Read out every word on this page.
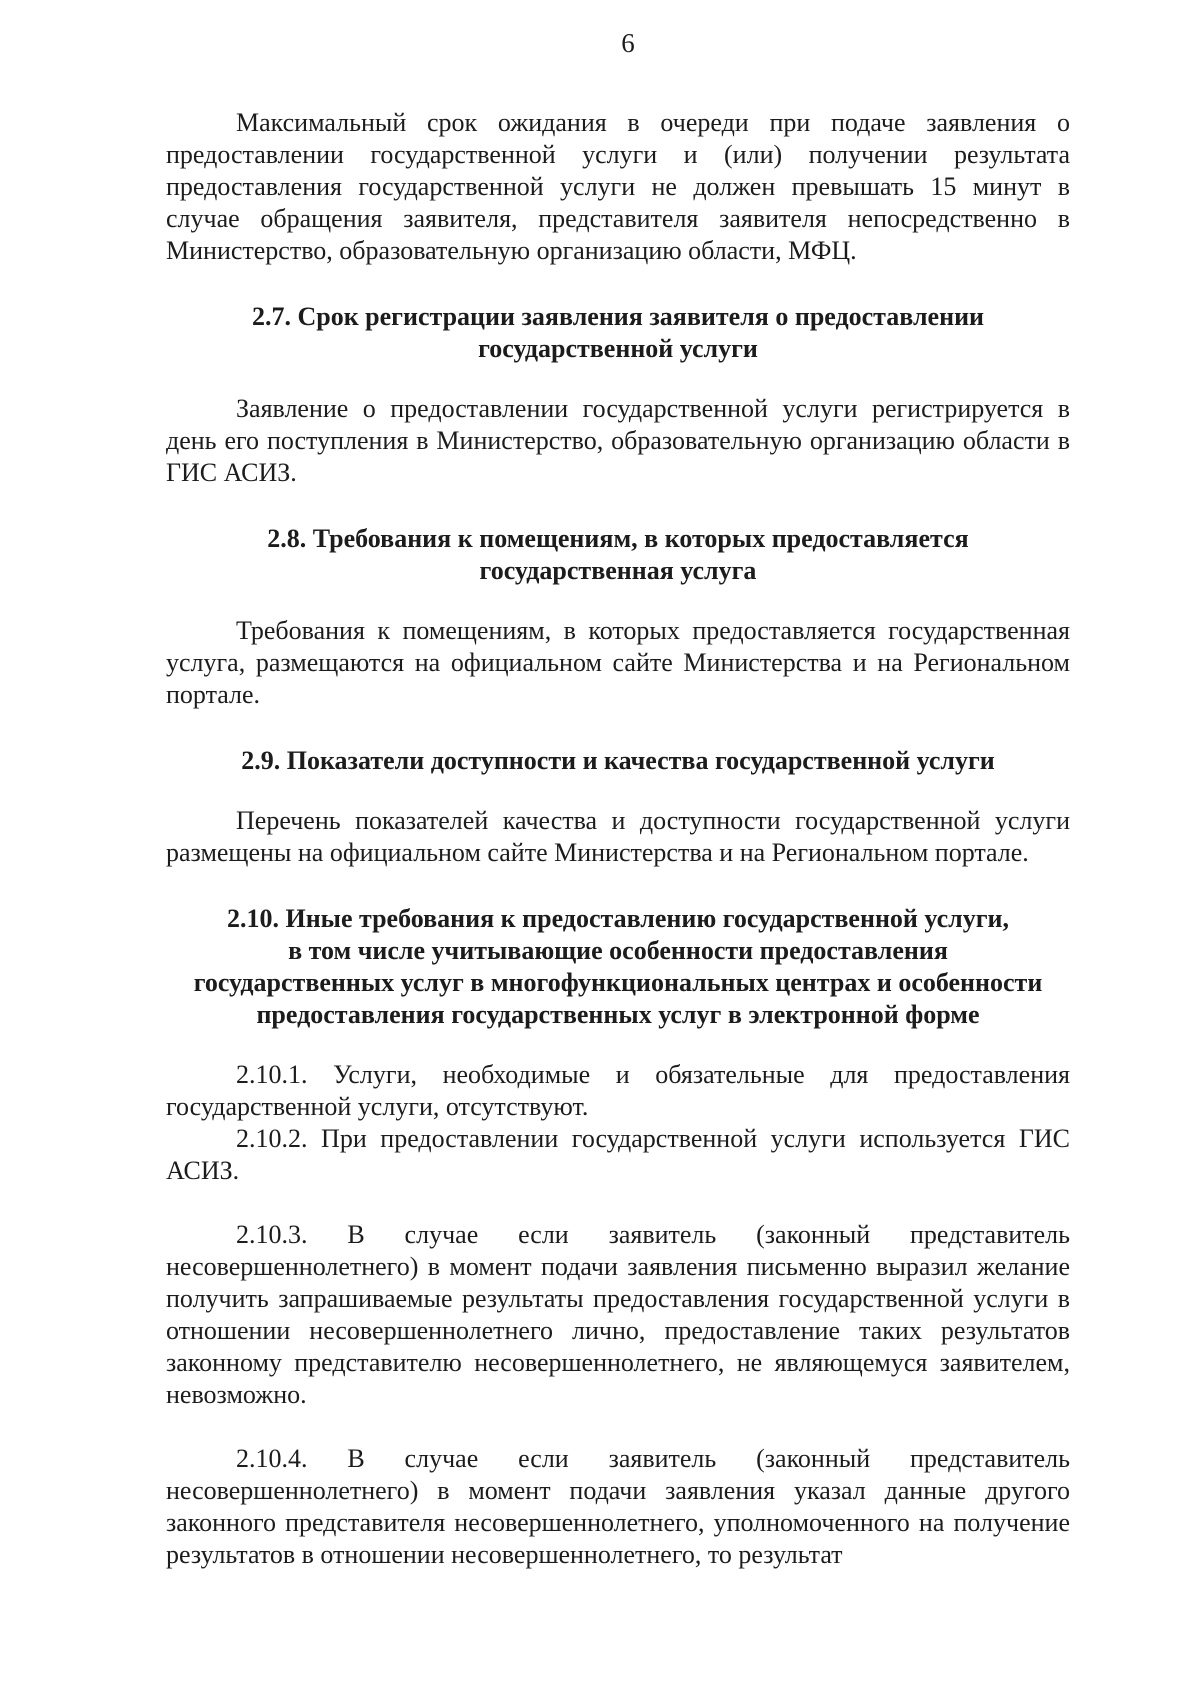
6

Максимальный срок ожидания в очереди при подаче заявления о предоставлении государственной услуги и (или) получении результата предоставления государственной услуги не должен превышать 15 минут в случае обращения заявителя, представителя заявителя непосредственно в Министерство, образовательную организацию области, МФЦ.

2.7. Срок регистрации заявления заявителя о предоставлении
государственной услуги

Заявление о предоставлении государственной услуги регистрируется в день его поступления в Министерство, образовательную организацию области в ГИС АСИЗ.

2.8. Требования к помещениям, в которых предоставляется
государственная услуга

Требования к помещениям, в которых предоставляется государственная услуга, размещаются на официальном сайте Министерства и на Региональном портале.

2.9. Показатели доступности и качества государственной услуги

Перечень показателей качества и доступности государственной услуги размещены на официальном сайте Министерства и на Региональном портале.

2.10. Иные требования к предоставлению государственной услуги,
в том числе учитывающие особенности предоставления
государственных услуг в многофункциональных центрах и особенности
предоставления государственных услуг в электронной форме

2.10.1. Услуги, необходимые и обязательные для предоставления государственной услуги, отсутствуют.

2.10.2. При предоставлении государственной услуги используется ГИС АСИЗ.

2.10.3. В случае если заявитель (законный представитель несовершеннолетнего) в момент подачи заявления письменно выразил желание получить запрашиваемые результаты предоставления государственной услуги в отношении несовершеннолетнего лично, предоставление таких результатов законному представителю несовершеннолетнего, не являющемуся заявителем, невозможно.

2.10.4. В случае если заявитель (законный представитель несовершеннолетнего) в момент подачи заявления указал данные другого законного представителя несовершеннолетнего, уполномоченного на получение результатов в отношении несовершеннолетнего, то результат
